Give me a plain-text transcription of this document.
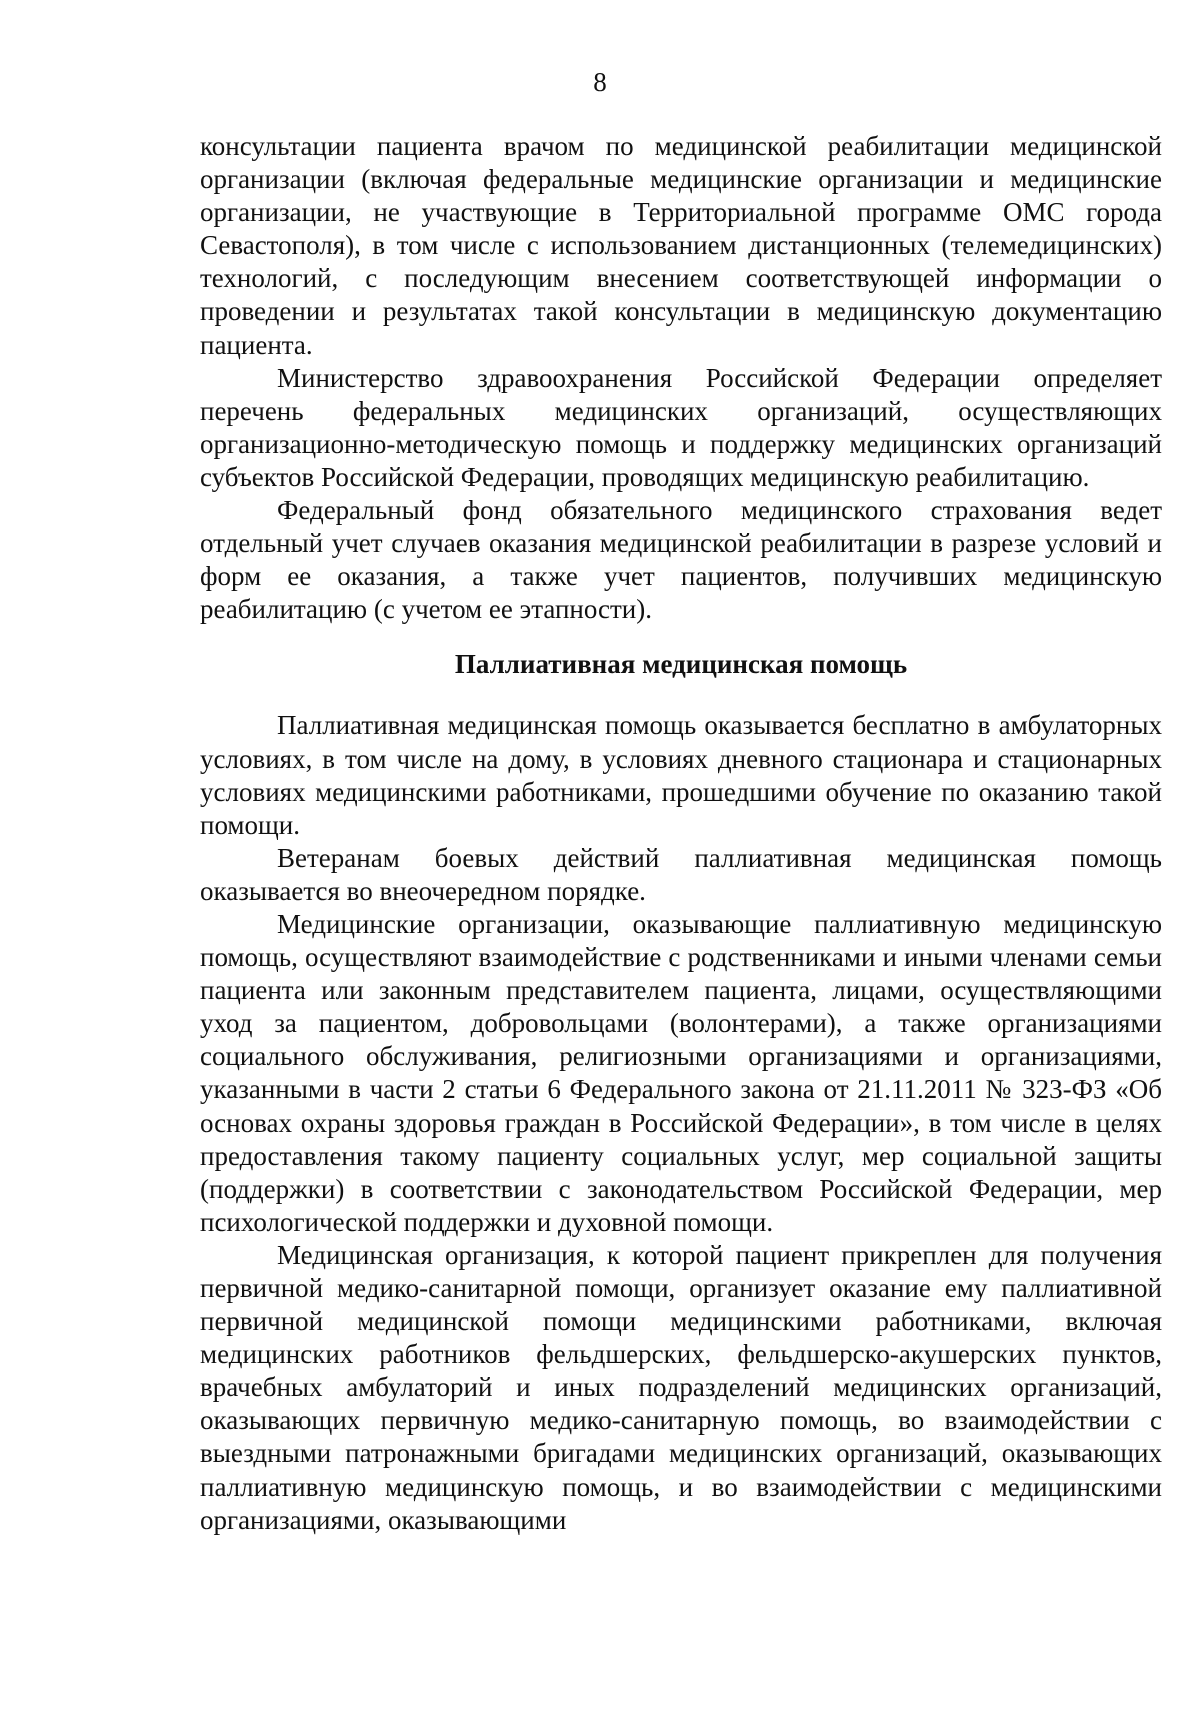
8

консультации пациента врачом по медицинской реабилитации медицинской организации (включая федеральные медицинские организации и медицинские организации, не участвующие в Территориальной программе ОМС города Севастополя), в том числе с использованием дистанционных (телемедицинских) технологий, с последующим внесением соответствующей информации о проведении и результатах такой консультации в медицинскую документацию пациента.

Министерство здравоохранения Российской Федерации определяет перечень федеральных медицинских организаций, осуществляющих организационно-методическую помощь и поддержку медицинских организаций субъектов Российской Федерации, проводящих медицинскую реабилитацию.

Федеральный фонд обязательного медицинского страхования ведет отдельный учет случаев оказания медицинской реабилитации в разрезе условий и форм ее оказания, а также учет пациентов, получивших медицинскую реабилитацию (с учетом ее этапности).

Паллиативная медицинская помощь

Паллиативная медицинская помощь оказывается бесплатно в амбулаторных условиях, в том числе на дому, в условиях дневного стационара и стационарных условиях медицинскими работниками, прошедшими обучение по оказанию такой помощи.

Ветеранам боевых действий паллиативная медицинская помощь оказывается во внеочередном порядке.

Медицинские организации, оказывающие паллиативную медицинскую помощь, осуществляют взаимодействие с родственниками и иными членами семьи пациента или законным представителем пациента, лицами, осуществляющими уход за пациентом, добровольцами (волонтерами), а также организациями социального обслуживания, религиозными организациями и организациями, указанными в части 2 статьи 6 Федерального закона от 21.11.2011 № 323-ФЗ «Об основах охраны здоровья граждан в Российской Федерации», в том числе в целях предоставления такому пациенту социальных услуг, мер социальной защиты (поддержки) в соответствии с законодательством Российской Федерации, мер психологической поддержки и духовной помощи.

Медицинская организация, к которой пациент прикреплен для получения первичной медико-санитарной помощи, организует оказание ему паллиативной первичной медицинской помощи медицинскими работниками, включая медицинских работников фельдшерских, фельдшерско-акушерских пунктов, врачебных амбулаторий и иных подразделений медицинских организаций, оказывающих первичную медико-санитарную помощь, во взаимодействии с выездными патронажными бригадами медицинских организаций, оказывающих паллиативную медицинскую помощь, и во взаимодействии с медицинскими организациями, оказывающими
